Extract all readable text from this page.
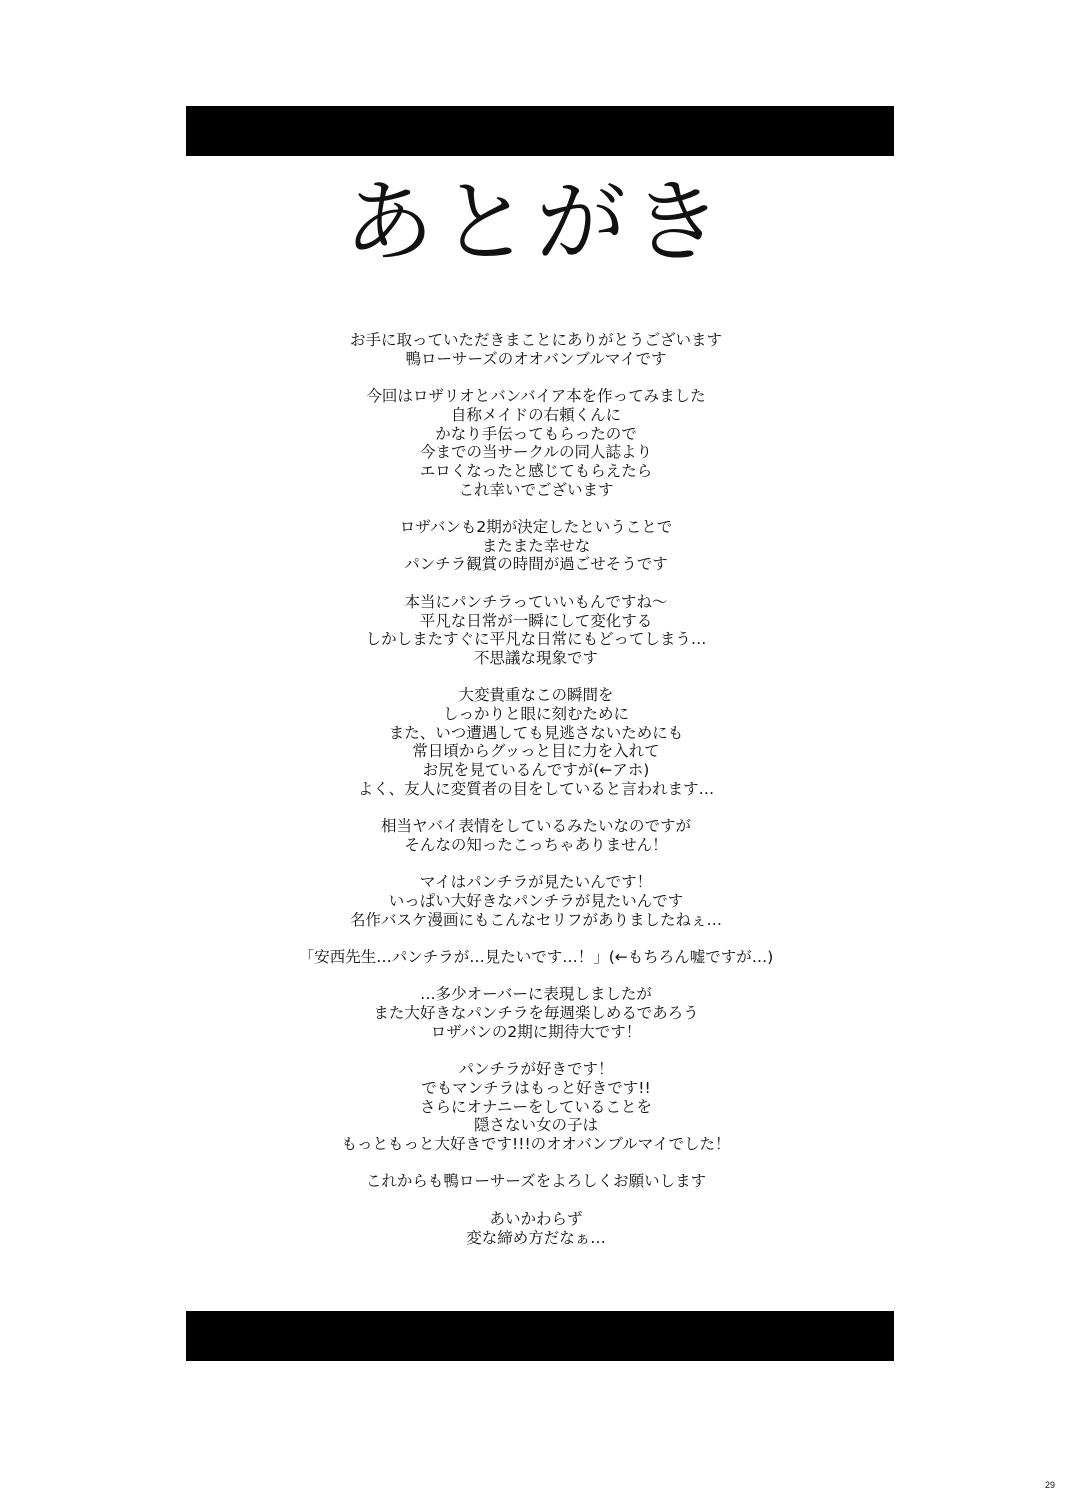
あとがき
お手に取っていただきまことにありがとうございます
鴨ローサーズのオオバンブルマイです
今回はロザリオとバンバイア本を作ってみました
自称メイドの右頼くんに
かなり手伝ってもらったので
今までの当サークルの同人誌より
エロくなったと感じてもらえたら
これ幸いでございます
ロザバンも2期が決定したということで
またまた幸せな
パンチラ観賞の時間が過ごせそうです
本当にパンチラっていいもんですね〜
平凡な日常が一瞬にして変化する
しかしまたすぐに平凡な日常にもどってしまう…
不思議な現象です
大変貴重なこの瞬間を
しっかりと眼に刻むために
また、いつ遭遇しても見逃さないためにも
常日頃からグッっと目に力を入れて
お尻を見ているんですが(←アホ)
よく、友人に変質者の目をしていると言われます…
相当ヤバイ表情をしているみたいなのですが
そんなの知ったこっちゃありません！
マイはパンチラが見たいんです！
いっぱい大好きなパンチラが見たいんです
名作バスケ漫画にもこんなセリフがありましたねぇ…
「安西先生…パンチラが…見たいです…！」(←もちろん嘘ですが…)
…多少オーバーに表現しましたが
また大好きなパンチラを毎週楽しめるであろう
ロザバンの2期に期待大です！
パンチラが好きです！
でもマンチラはもっと好きです!!
さらにオナニーをしていることを
隠さない女の子は
もっともっと大好きです!!!のオオバンブルマイでした！
これからも鴨ローサーズをよろしくお願いします
あいかわらず
変な締め方だなぁ…
29
